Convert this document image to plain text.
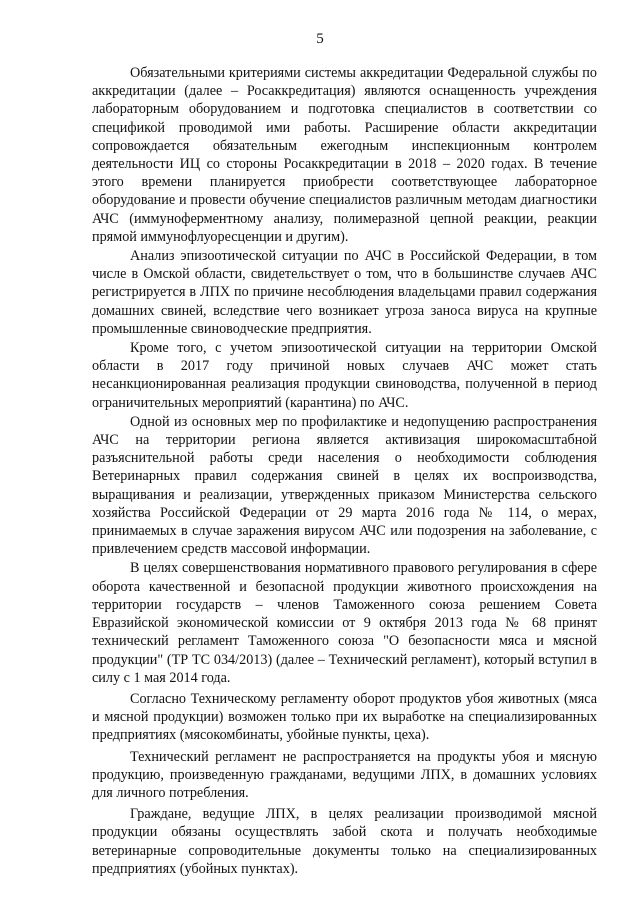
5

Обязательными критериями системы аккредитации Федеральной службы по аккредитации (далее – Росаккредитация) являются оснащенность учреждения лабораторным оборудованием и подготовка специалистов в соответствии со спецификой проводимой ими работы. Расширение области аккредитации сопровождается обязательным ежегодным инспекционным контролем деятельности ИЦ со стороны Росаккредитации в 2018 – 2020 годах. В течение этого времени планируется приобрести соответствующее лабораторное оборудование и провести обучение специалистов различным методам диагностики АЧС (иммуноферментному анализу, полимеразной цепной реакции, реакции прямой иммунофлуоресценции и другим).

Анализ эпизоотической ситуации по АЧС в Российской Федерации, в том числе в Омской области, свидетельствует о том, что в большинстве случаев АЧС регистрируется в ЛПХ по причине несоблюдения владельцами правил содержания домашних свиней, вследствие чего возникает угроза заноса вируса на крупные промышленные свиноводческие предприятия.

Кроме того, с учетом эпизоотической ситуации на территории Омской области в 2017 году причиной новых случаев АЧС может стать несанкционированная реализация продукции свиноводства, полученной в период ограничительных мероприятий (карантина) по АЧС.

Одной из основных мер по профилактике и недопущению распространения АЧС на территории региона является активизация широкомасштабной разъяснительной работы среди населения о необходимости соблюдения Ветеринарных правил содержания свиней в целях их воспроизводства, выращивания и реализации, утвержденных приказом Министерства сельского хозяйства Российской Федерации от 29 марта 2016 года № 114, о мерах, принимаемых в случае заражения вирусом АЧС или подозрения на заболевание, с привлечением средств массовой информации.

В целях совершенствования нормативного правового регулирования в сфере оборота качественной и безопасной продукции животного происхождения на территории государств – членов Таможенного союза решением Совета Евразийской экономической комиссии от 9 октября 2013 года № 68 принят технический регламент Таможенного союза "О безопасности мяса и мясной продукции" (ТР ТС 034/2013) (далее – Технический регламент), который вступил в силу с 1 мая 2014 года.

Согласно Техническому регламенту оборот продуктов убоя животных (мяса и мясной продукции) возможен только при их выработке на специализированных предприятиях (мясокомбинаты, убойные пункты, цеха).

Технический регламент не распространяется на продукты убоя и мясную продукцию, произведенную гражданами, ведущими ЛПХ, в домашних условиях для личного потребления.

Граждане, ведущие ЛПХ, в целях реализации производимой мясной продукции обязаны осуществлять забой скота и получать необходимые ветеринарные сопроводительные документы только на специализированных предприятиях (убойных пунктах).
